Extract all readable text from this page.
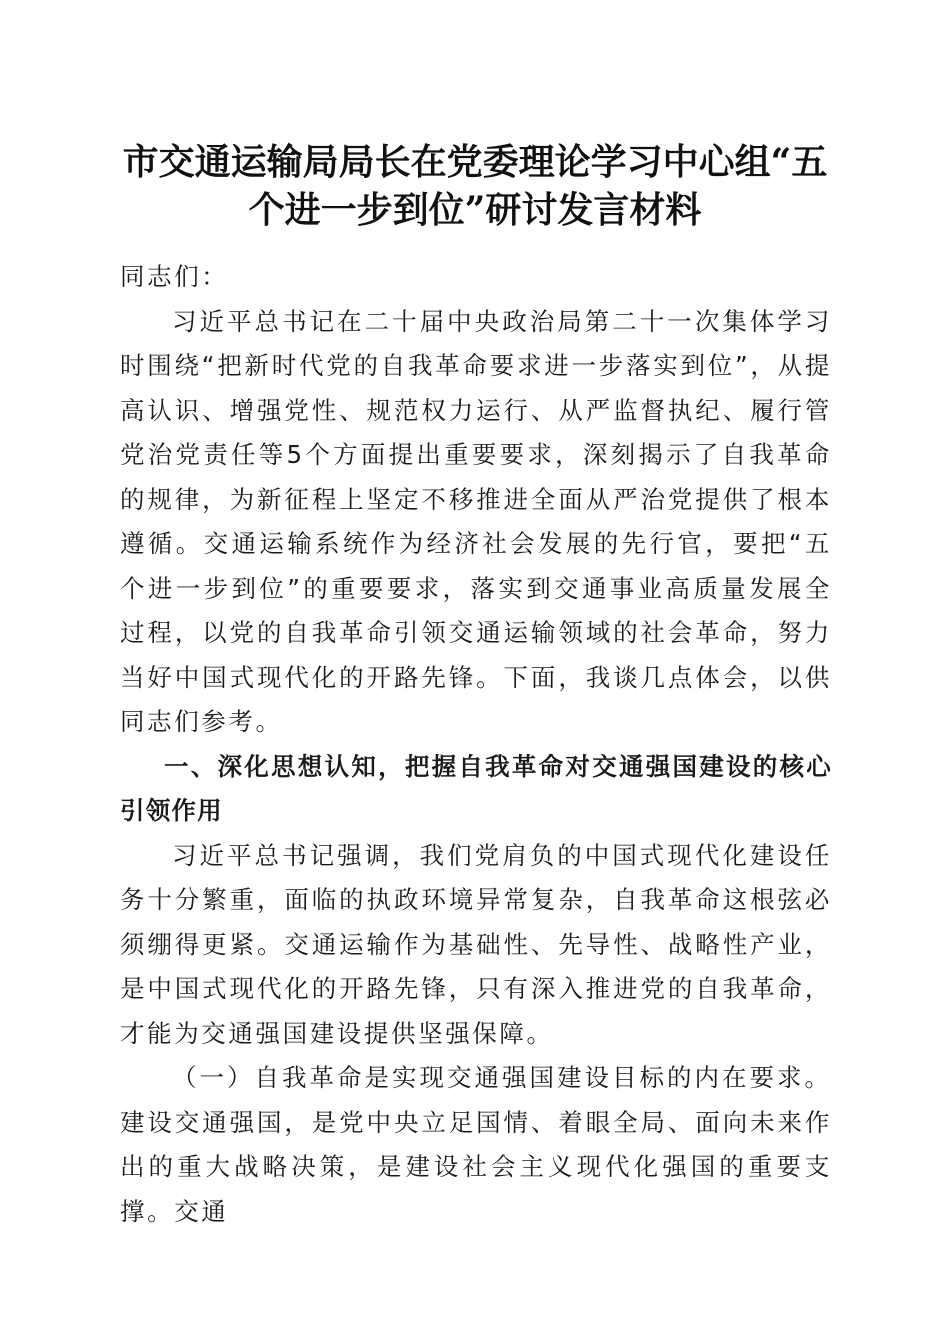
市交通运输局局长在党委理论学习中心组“五
个进一步到位”研讨发言材料

同志们：

习近平总书记在二十届中央政治局第二十一次集体学习时围绕“把新时代党的自我革命要求进一步落实到位”，从提高认识、增强党性、规范权力运行、从严监督执纪、履行管党治党责任等5个方面提出重要要求，深刻揭示了自我革命的规律，为新征程上坚定不移推进全面从严治党提供了根本遵循。交通运输系统作为经济社会发展的先行官，要把“五个进一步到位”的重要要求，落实到交通事业高质量发展全过程，以党的自我革命引领交通运输领域的社会革命，努力当好中国式现代化的开路先锋。下面，我谈几点体会，以供同志们参考。

一、深化思想认知，把握自我革命对交通强国建设的核心引领作用

习近平总书记强调，我们党肩负的中国式现代化建设任务十分繁重，面临的执政环境异常复杂，自我革命这根弦必须绷得更紧。交通运输作为基础性、先导性、战略性产业，是中国式现代化的开路先锋，只有深入推进党的自我革命，才能为交通强国建设提供坚强保障。

（一）自我革命是实现交通强国建设目标的内在要求。建设交通强国，是党中央立足国情、着眼全局、面向未来作出的重大战略决策，是建设社会主义现代化强国的重要支撑。交通
